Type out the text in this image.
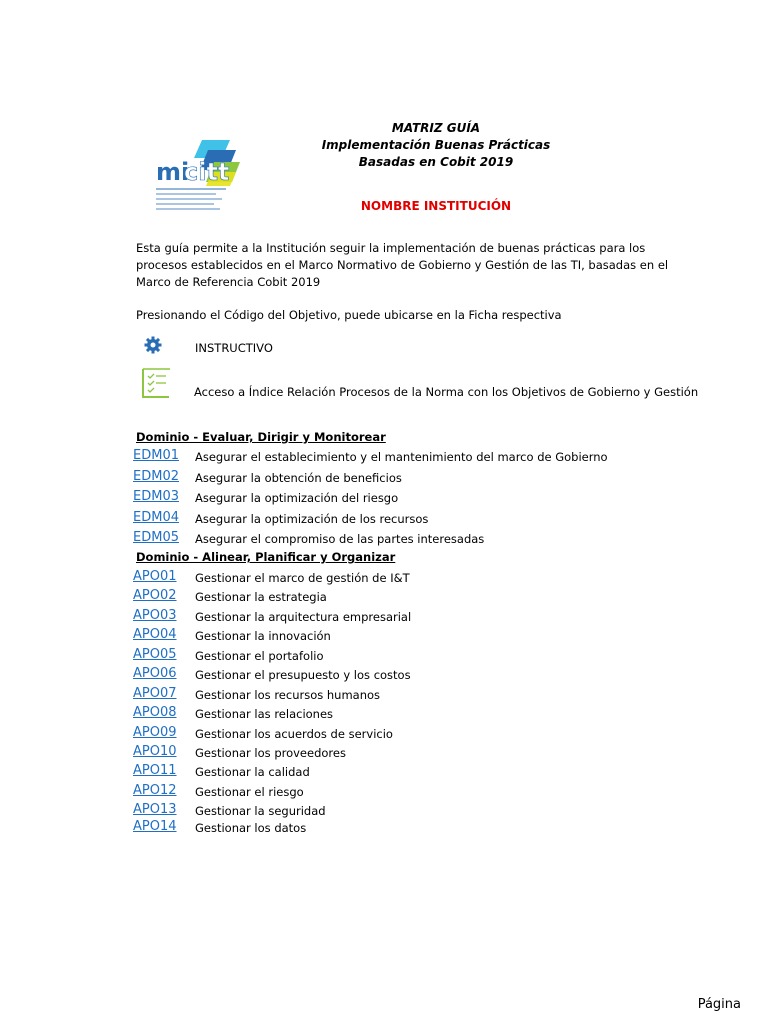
mi
citt
MATRIZ GUÍA
Implementación Buenas Prácticas
Basadas en Cobit 2019
NOMBRE INSTITUCIÓN
Esta guía permite a la Institución seguir la implementación de buenas prácticas para los procesos establecidos en el Marco Normativo de Gobierno y Gestión de las TI, basadas en el Marco de Referencia Cobit 2019
Presionando el Código del Objetivo, puede ubicarse en la Ficha respectiva
INSTRUCTIVO
Acceso a Índice Relación Procesos de la Norma con los Objetivos de Gobierno y Gestión
Dominio - Evaluar, Dirigir y Monitorear
EDM01 Asegurar el establecimiento y el mantenimiento del marco de Gobierno
EDM02 Asegurar la obtención de beneficios
EDM03 Asegurar la optimización del riesgo
EDM04 Asegurar la optimización de los recursos
EDM05 Asegurar el compromiso de las partes interesadas
Dominio - Alinear, Planificar y Organizar
APO01 Gestionar el marco de gestión de I&T
APO02 Gestionar la estrategia
APO03 Gestionar la arquitectura empresarial
APO04 Gestionar la innovación
APO05 Gestionar el portafolio
APO06 Gestionar el presupuesto y los costos
APO07 Gestionar los recursos humanos
APO08 Gestionar las relaciones
APO09 Gestionar los acuerdos de servicio
APO10 Gestionar los proveedores
APO11 Gestionar la calidad
APO12 Gestionar el riesgo
APO13 Gestionar la seguridad
APO14 Gestionar los datos
Página
